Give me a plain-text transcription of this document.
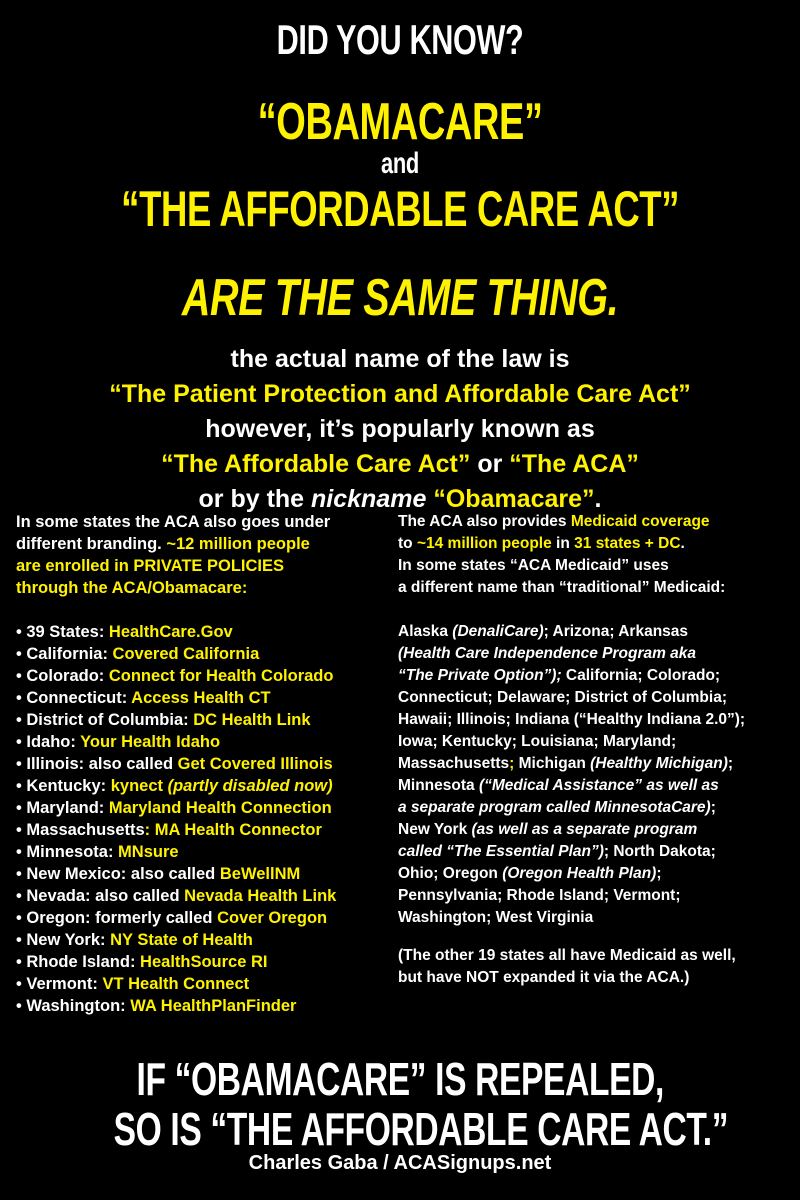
DID YOU KNOW?
“OBAMACARE”
and
“THE AFFORDABLE CARE ACT”
ARE THE SAME THING.
the actual name of the law is
“The Patient Protection and Affordable Care Act”
however, it’s popularly known as
“The Affordable Care Act” or “The ACA”
or by the nickname “Obamacare”.
In some states the ACA also goes under
different branding. ~12 million people
are enrolled in PRIVATE POLICIES
through the ACA/Obamacare:
• 39 States: HealthCare.Gov
• California: Covered California
• Colorado: Connect for Health Colorado
• Connecticut: Access Health CT
• District of Columbia: DC Health Link
• Idaho: Your Health Idaho
• Illinois: also called Get Covered Illinois
• Kentucky: kynect (partly disabled now)
• Maryland: Maryland Health Connection
• Massachusetts: MA Health Connector
• Minnesota: MNsure
• New Mexico: also called BeWellNM
• Nevada: also called Nevada Health Link
• Oregon: formerly called Cover Oregon
• New York: NY State of Health
• Rhode Island: HealthSource RI
• Vermont: VT Health Connect
• Washington: WA HealthPlanFinder
The ACA also provides Medicaid coverage
to ~14 million people in 31 states + DC.
In some states “ACA Medicaid” uses
a different name than “traditional” Medicaid:
Alaska (DenaliCare); Arizona; Arkansas
(Health Care Independence Program aka
“The Private Option”); California; Colorado;
Connecticut; Delaware; District of Columbia;
Hawaii; Illinois; Indiana (“Healthy Indiana 2.0”);
Iowa; Kentucky; Louisiana; Maryland;
Massachusetts; Michigan (Healthy Michigan);
Minnesota (“Medical Assistance” as well as
a separate program called MinnesotaCare);
New York (as well as a separate program
called “The Essential Plan”); North Dakota;
Ohio; Oregon (Oregon Health Plan);
Pennsylvania; Rhode Island; Vermont;
Washington; West Virginia
(The other 19 states all have Medicaid as well,
but have NOT expanded it via the ACA.)
IF “OBAMACARE” IS REPEALED,
SO IS “THE AFFORDABLE CARE ACT.”
Charles Gaba / ACASignups.net
